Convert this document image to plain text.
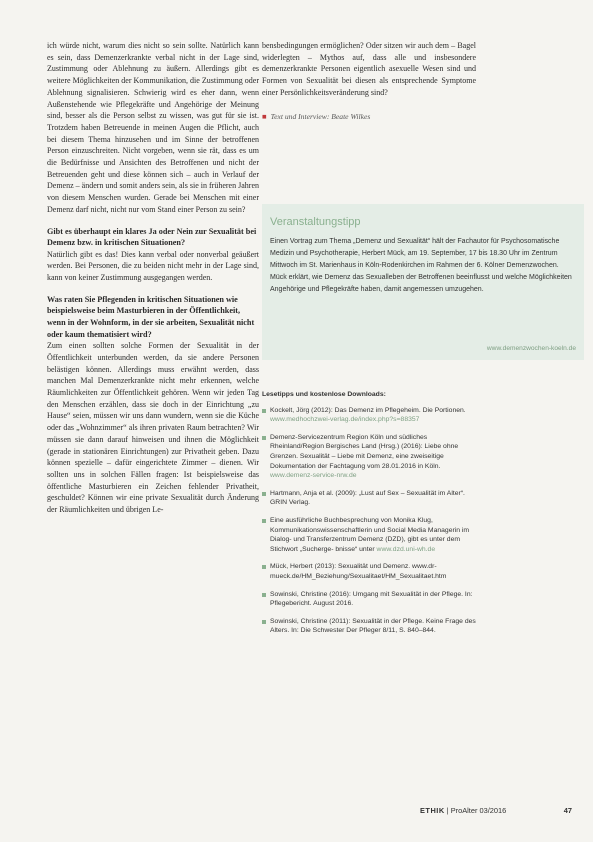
ich würde nicht, warum dies nicht so sein sollte. Natürlich kann es sein, dass Demenzerkrankte verbal nicht in der Lage sind, Zustimmung oder Ablehnung zu äußern. Allerdings gibt es weitere Möglichkeiten der Kommunikation, die Zustimmung oder Ablehnung signalisieren. Schwierig wird es eher dann, wenn Außenstehende wie Pflegekräfte und Angehörige der Meinung sind, besser als die Person selbst zu wissen, was gut für sie ist. Trotzdem haben Betreuende in meinen Augen die Pflicht, auch bei diesem Thema hinzusehen und im Sinne der betroffenen Person einzuschreiten. Nicht vorgeben, wenn sie rät, dass es um die Bedürfnisse und Ansichten des Betroffenen und nicht der Betreuenden geht und diese können sich – auch in Verlauf der Demenz – ändern und somit anders sein, als sie in früheren Jahren von diesem Menschen wurden. Gerade bei Menschen mit einer Demenz darf nicht, nicht nur vom Stand einer Person zu sein?

Gibt es überhaupt ein klares Ja oder Nein zur Sexualität bei Demenz bzw. in kritischen Situationen?

Natürlich gibt es das! Dies kann verbal oder nonverbal geäußert werden. Bei Personen, die zu beiden nicht mehr in der Lage sind, kann von keiner Zustimmung ausgegangen werden.

Was raten Sie Pflegenden in kritischen Situationen wie beispielsweise beim Masturbieren in der Öffentlichkeit, wenn in der Wohnform, in der sie arbeiten, Sexualität nicht oder kaum thematisiert wird?

Zum einen sollten solche Formen der Sexualität in der Öffentlichkeit unterbunden werden, da sie andere Personen belästigen können. Allerdings muss erwähnt werden, dass manchen Mal Demenzerkrankte nicht mehr erkennen, welche Räumlichkeiten zur Öffentlichkeit gehören. Wenn wir jeden Tag den Menschen erzählen, dass sie doch in der Einrichtung „zu Hause“ seien, müssen wir uns dann wundern, wenn sie die Küche oder das „Wohnzimmer“ als ihren privaten Raum betrachten? Wir müssen sie dann darauf hinweisen und ihnen die Möglichkeit (gerade in stationären Einrichtungen) zur Privatheit geben. Dazu können spezielle – dafür eingerichtete Zimmer – dienen. Wir sollten uns in solchen Fällen fragen: Ist beispielsweise das öffentliche Masturbieren ein Zeichen fehlender Privatheit, geschuldet? Können wir eine private Sexualität durch Änderung der Räumlichkeiten und übrigen Le-

bensbedingungen ermöglichen? Oder sitzen wir auch dem – Bagel widerlegten – Mythos auf, dass alle und insbesondere demenzerkrankte Personen eigentlich asexuelle Wesen sind und Formen von Sexualität bei diesen als entsprechende Symptome einer Persönlichkeitsveränderung sind?

■ Text und Interview: Beate Wilkes
Veranstaltungstipp
Einen Vortrag zum Thema „Demenz und Sexualität“ hält der Fachautor für Psychosomatische Medizin und Psychotherapie, Herbert Mück, am 19. September, 17 bis 18.30 Uhr im Zentrum Mittwoch im St. Marienhaus in Köln-Rodenkirchen im Rahmen der 6. Kölner Demenzwochen. Mück erklärt, wie Demenz das Sexualleben der Betroffenen beeinflusst und welche Möglichkeiten Angehörige und Pflegekräfte haben, damit angemessen umzugehen.
www.demenzwochen-koeln.de
Lesetipps und kostenlose Downloads:
Kockelt, Jörg (2012): Das Demenz im Pflegeheim. Die Portionen. www.medhochzwei-verlag.de/index.php?s=88357
Demenz-Servicezentrum Region Köln und südliches Rheinland/Region Bergisches Land (Hrsg.) (2016): Liebe ohne Grenzen. Sexualität – Liebe mit Demenz, eine zweiseitige Dokumentation der Fachtagung vom 28.01.2016 in Köln. www.demenz-service-nrw.de
Hartmann, Anja et al. (2009): „Lust auf Sex – Sexualität im Alter“. GRIN Verlag.
Eine ausführliche Buchbesprechung von Monika Klug, Kommunikationswissenschaftlerin und Social Media Managerin im Dialog- und Transferzentrum Demenz (DZD), gibt es unter dem Stichwort „Sucherge- bnisse“ unter www.dzd.uni-wh.de
Mück, Herbert (2013): Sexualität und Demenz. www.dr-mueck.de/HM_Beziehung/Sexualitaet/HM_Sexualitaet.htm
Sowinski, Christine (2016): Umgang mit Sexualität in der Pflege. In: Pflegebericht. August 2016.
Sowinski, Christine (2011): Sexualität in der Pflege. Keine Frage des Alters. In: Die Schwester Der Pfleger 8/11, S. 840–844.
ETHIK | ProAlter 03/2016	47
